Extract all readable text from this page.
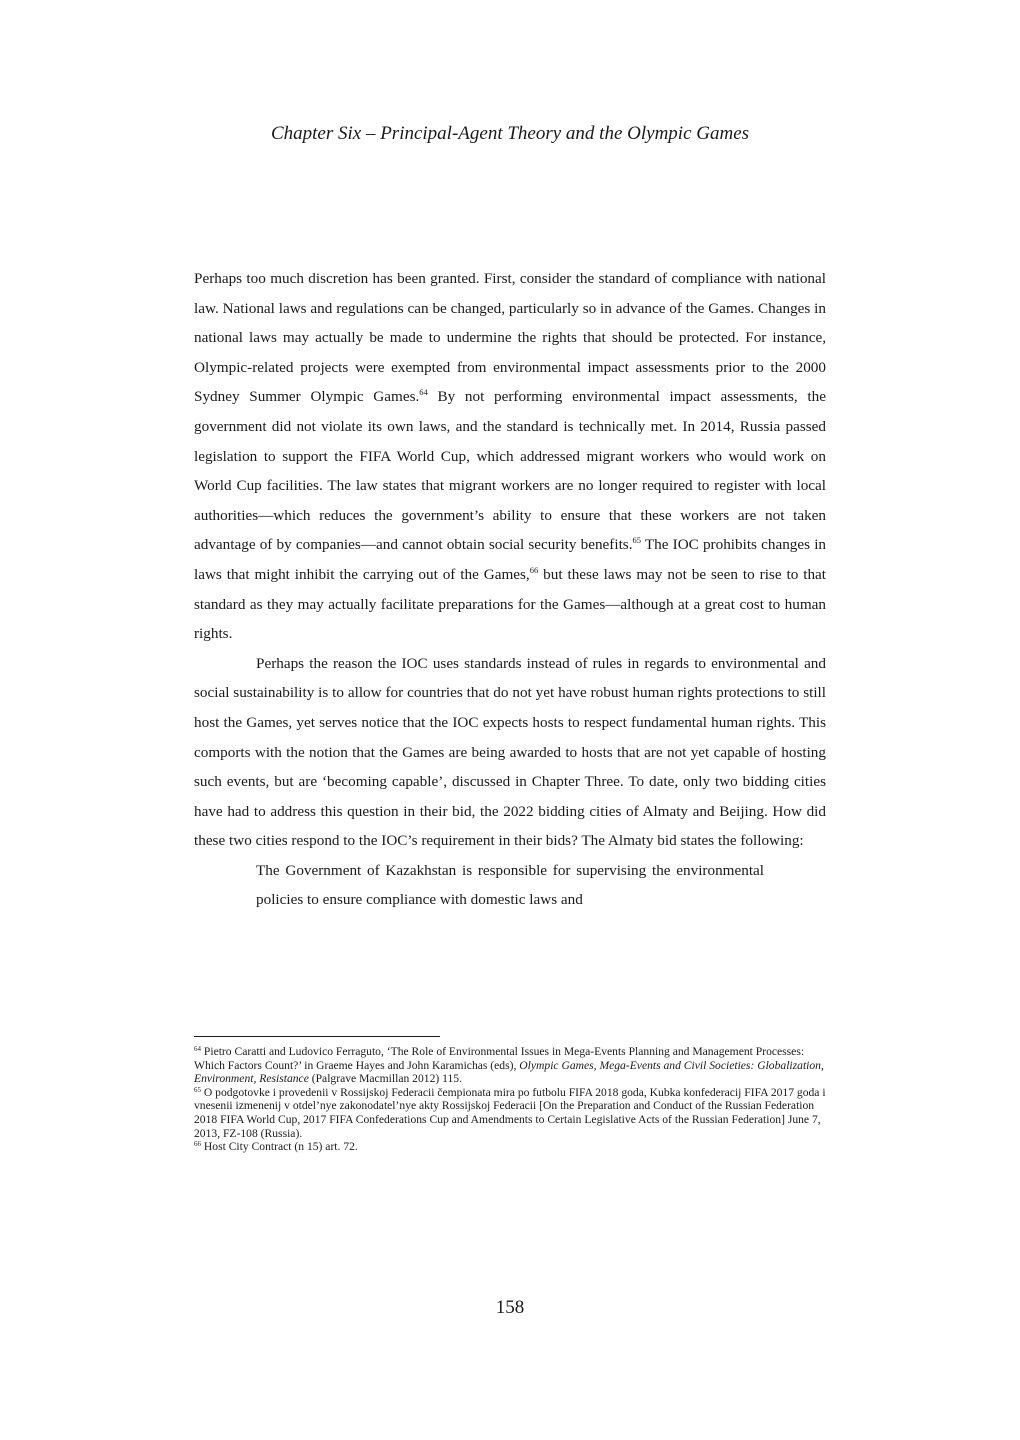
Chapter Six – Principal-Agent Theory and the Olympic Games

Perhaps too much discretion has been granted. First, consider the standard of compliance with national law. National laws and regulations can be changed, particularly so in advance of the Games. Changes in national laws may actually be made to undermine the rights that should be protected. For instance, Olympic-related projects were exempted from environmental impact assessments prior to the 2000 Sydney Summer Olympic Games.$^{64}$ By not performing environmental impact assessments, the government did not violate its own laws, and the standard is technically met. In 2014, Russia passed legislation to support the FIFA World Cup, which addressed migrant workers who would work on World Cup facilities. The law states that migrant workers are no longer required to register with local authorities—which reduces the government’s ability to ensure that these workers are not taken advantage of by companies—and cannot obtain social security benefits.$^{65}$ The IOC prohibits changes in laws that might inhibit the carrying out of the Games,$^{66}$ but these laws may not be seen to rise to that standard as they may actually facilitate preparations for the Games—although at a great cost to human rights.

Perhaps the reason the IOC uses standards instead of rules in regards to environmental and social sustainability is to allow for countries that do not yet have robust human rights protections to still host the Games, yet serves notice that the IOC expects hosts to respect fundamental human rights. This comports with the notion that the Games are being awarded to hosts that are not yet capable of hosting such events, but are ‘becoming capable’, discussed in Chapter Three. To date, only two bidding cities have had to address this question in their bid, the 2022 bidding cities of Almaty and Beijing. How did these two cities respond to the IOC’s requirement in their bids? The Almaty bid states the following:

The Government of Kazakhstan is responsible for supervising the environmental policies to ensure compliance with domestic laws and

$^{64}$ Pietro Caratti and Ludovico Ferraguto, ‘The Role of Environmental Issues in Mega-Events Planning and Management Processes: Which Factors Count?’ in Graeme Hayes and John Karamichas (eds), Olympic Games, Mega-Events and Civil Societies: Globalization, Environment, Resistance (Palgrave Macmillan 2012) 115.

$^{65}$ O podgotovke i provedenii v Rossijskoj Federacii čempionata mira po futbolu FIFA 2018 goda, Kubka konfederacij FIFA 2017 goda i vnesenii izmenenij v otdel’nye zakonodatel’nye akty Rossijskoj Federacii [On the Preparation and Conduct of the Russian Federation 2018 FIFA World Cup, 2017 FIFA Confederations Cup and Amendments to Certain Legislative Acts of the Russian Federation] June 7, 2013, FZ-108 (Russia).

$^{66}$ Host City Contract (n 15) art. 72.

158
